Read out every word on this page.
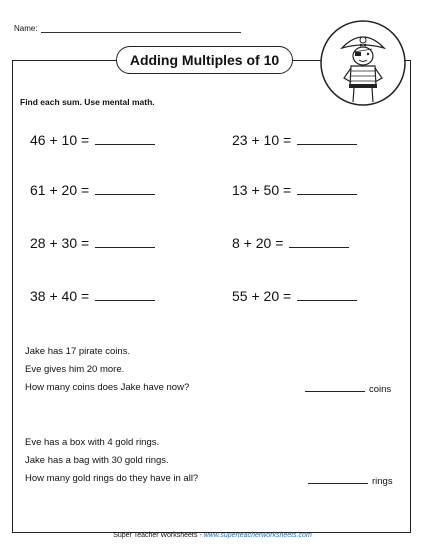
Name:
Adding Multiples of 10
Find each sum. Use mental math.
46 + 10 =	23 + 10 =
61 + 20 =	13 + 50 =
28 + 30 =	8 + 20 =
38 + 40 =	55 + 20 =
Jake has 17 pirate coins.
Eve gives him 20 more.
How many coins does Jake have now?	coins
Eve has a box with 4 gold rings.
Jake has a bag with 30 gold rings.
How many gold rings do they have in all?	rings
Super Teacher Worksheets - www.superteacherworksheets.com
